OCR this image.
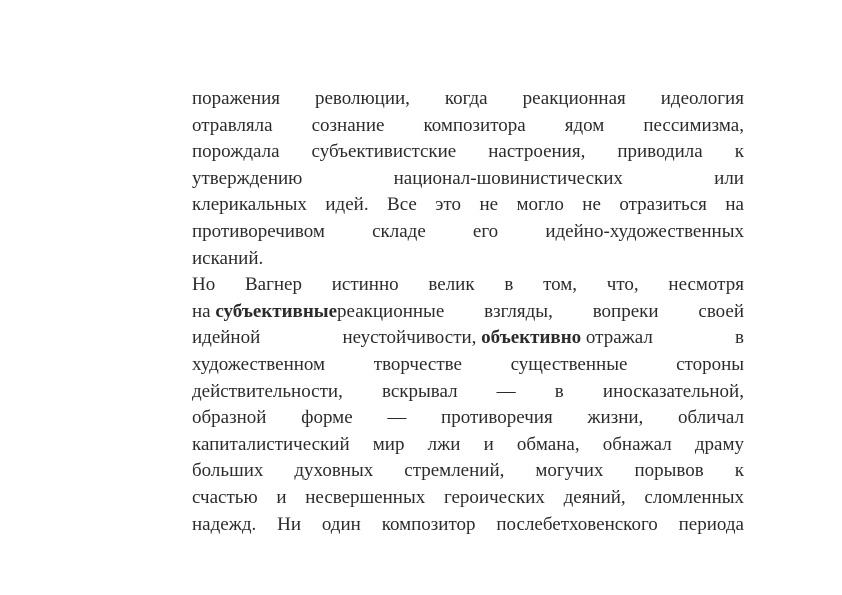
поражения революции, когда реакционная идеология
отравляла сознание композитора ядом пессимизма,
порождала субъективистские настроения, приводила к
утверждению	национал-шовинистических	или
клерикальных идей. Все это не могло не отразиться на
противоречивом складе его идейно-художественных
исканий.
Но Вагнер истинно велик в том, что, несмотря
на субъективныереакционные взгляды, вопреки своей
идейной	неустойчивости, объективно отражал	в
художественном	творчестве	существенные	стороны
действительности, вскрывал — в иносказательной,
образной форме — противоречия жизни, обличал
капиталистический мир лжи и обмана, обнажал драму
больших духовных стремлений, могучих порывов к
счастью и несвершенных героических деяний, сломленных
надежд. Ни один композитор послебетховенского периода
